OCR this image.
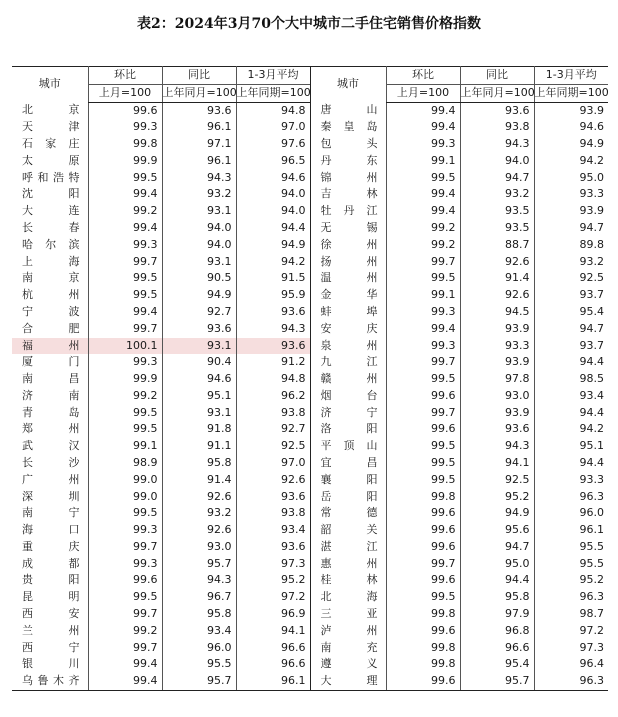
表2：2024年3月70个大中城市二手住宅销售价格指数
城市	环比	同比	1-3月平均	城市	环比	同比	1-3月平均
	上月=100	上年同月=100	上年同期=100		上月=100	上年同月=100	上年同期=100
北京	99.6	93.6	94.8	唐山	99.4	93.6	93.9
天津	99.3	96.1	97.0	秦皇岛	99.4	93.8	94.6
石家庄	99.8	97.1	97.6	包头	99.3	94.3	94.9
太原	99.9	96.1	96.5	丹东	99.1	94.0	94.2
呼和浩特	99.5	94.3	94.6	锦州	99.5	94.7	95.0
沈阳	99.4	93.2	94.0	吉林	99.4	93.2	93.3
大连	99.2	93.1	94.0	牡丹江	99.4	93.5	93.9
长春	99.4	94.0	94.4	无锡	99.2	93.5	94.7
哈尔滨	99.3	94.0	94.9	徐州	99.2	88.7	89.8
上海	99.7	93.1	94.2	扬州	99.7	92.6	93.2
南京	99.5	90.5	91.5	温州	99.5	91.4	92.5
杭州	99.5	94.9	95.9	金华	99.1	92.6	93.7
宁波	99.4	92.7	93.6	蚌埠	99.3	94.5	95.4
合肥	99.7	93.6	94.3	安庆	99.4	93.9	94.7
福州	100.1	93.1	93.6	泉州	99.3	93.3	93.7
厦门	99.3	90.4	91.2	九江	99.7	93.9	94.4
南昌	99.9	94.6	94.8	赣州	99.5	97.8	98.5
济南	99.2	95.1	96.2	烟台	99.6	93.0	93.4
青岛	99.5	93.1	93.8	济宁	99.7	93.9	94.4
郑州	99.5	91.8	92.7	洛阳	99.6	93.6	94.2
武汉	99.1	91.1	92.5	平顶山	99.5	94.3	95.1
长沙	98.9	95.8	97.0	宜昌	99.5	94.1	94.4
广州	99.0	91.4	92.6	襄阳	99.5	92.5	93.3
深圳	99.0	92.6	93.6	岳阳	99.8	95.2	96.3
南宁	99.5	93.2	93.8	常德	99.6	94.9	96.0
海口	99.3	92.6	93.4	韶关	99.6	95.6	96.1
重庆	99.7	93.0	93.6	湛江	99.6	94.7	95.5
成都	99.3	95.7	97.3	惠州	99.7	95.0	95.5
贵阳	99.6	94.3	95.2	桂林	99.6	94.4	95.2
昆明	99.5	96.7	97.2	北海	99.5	95.8	96.3
西安	99.7	95.8	96.9	三亚	99.8	97.9	98.7
兰州	99.2	93.4	94.1	泸州	99.6	96.8	97.2
西宁	99.7	96.0	96.6	南充	99.8	96.6	97.3
银川	99.4	95.5	96.6	遵义	99.8	95.4	96.4
乌鲁木齐	99.4	95.7	96.1	大理	99.6	95.7	96.3
